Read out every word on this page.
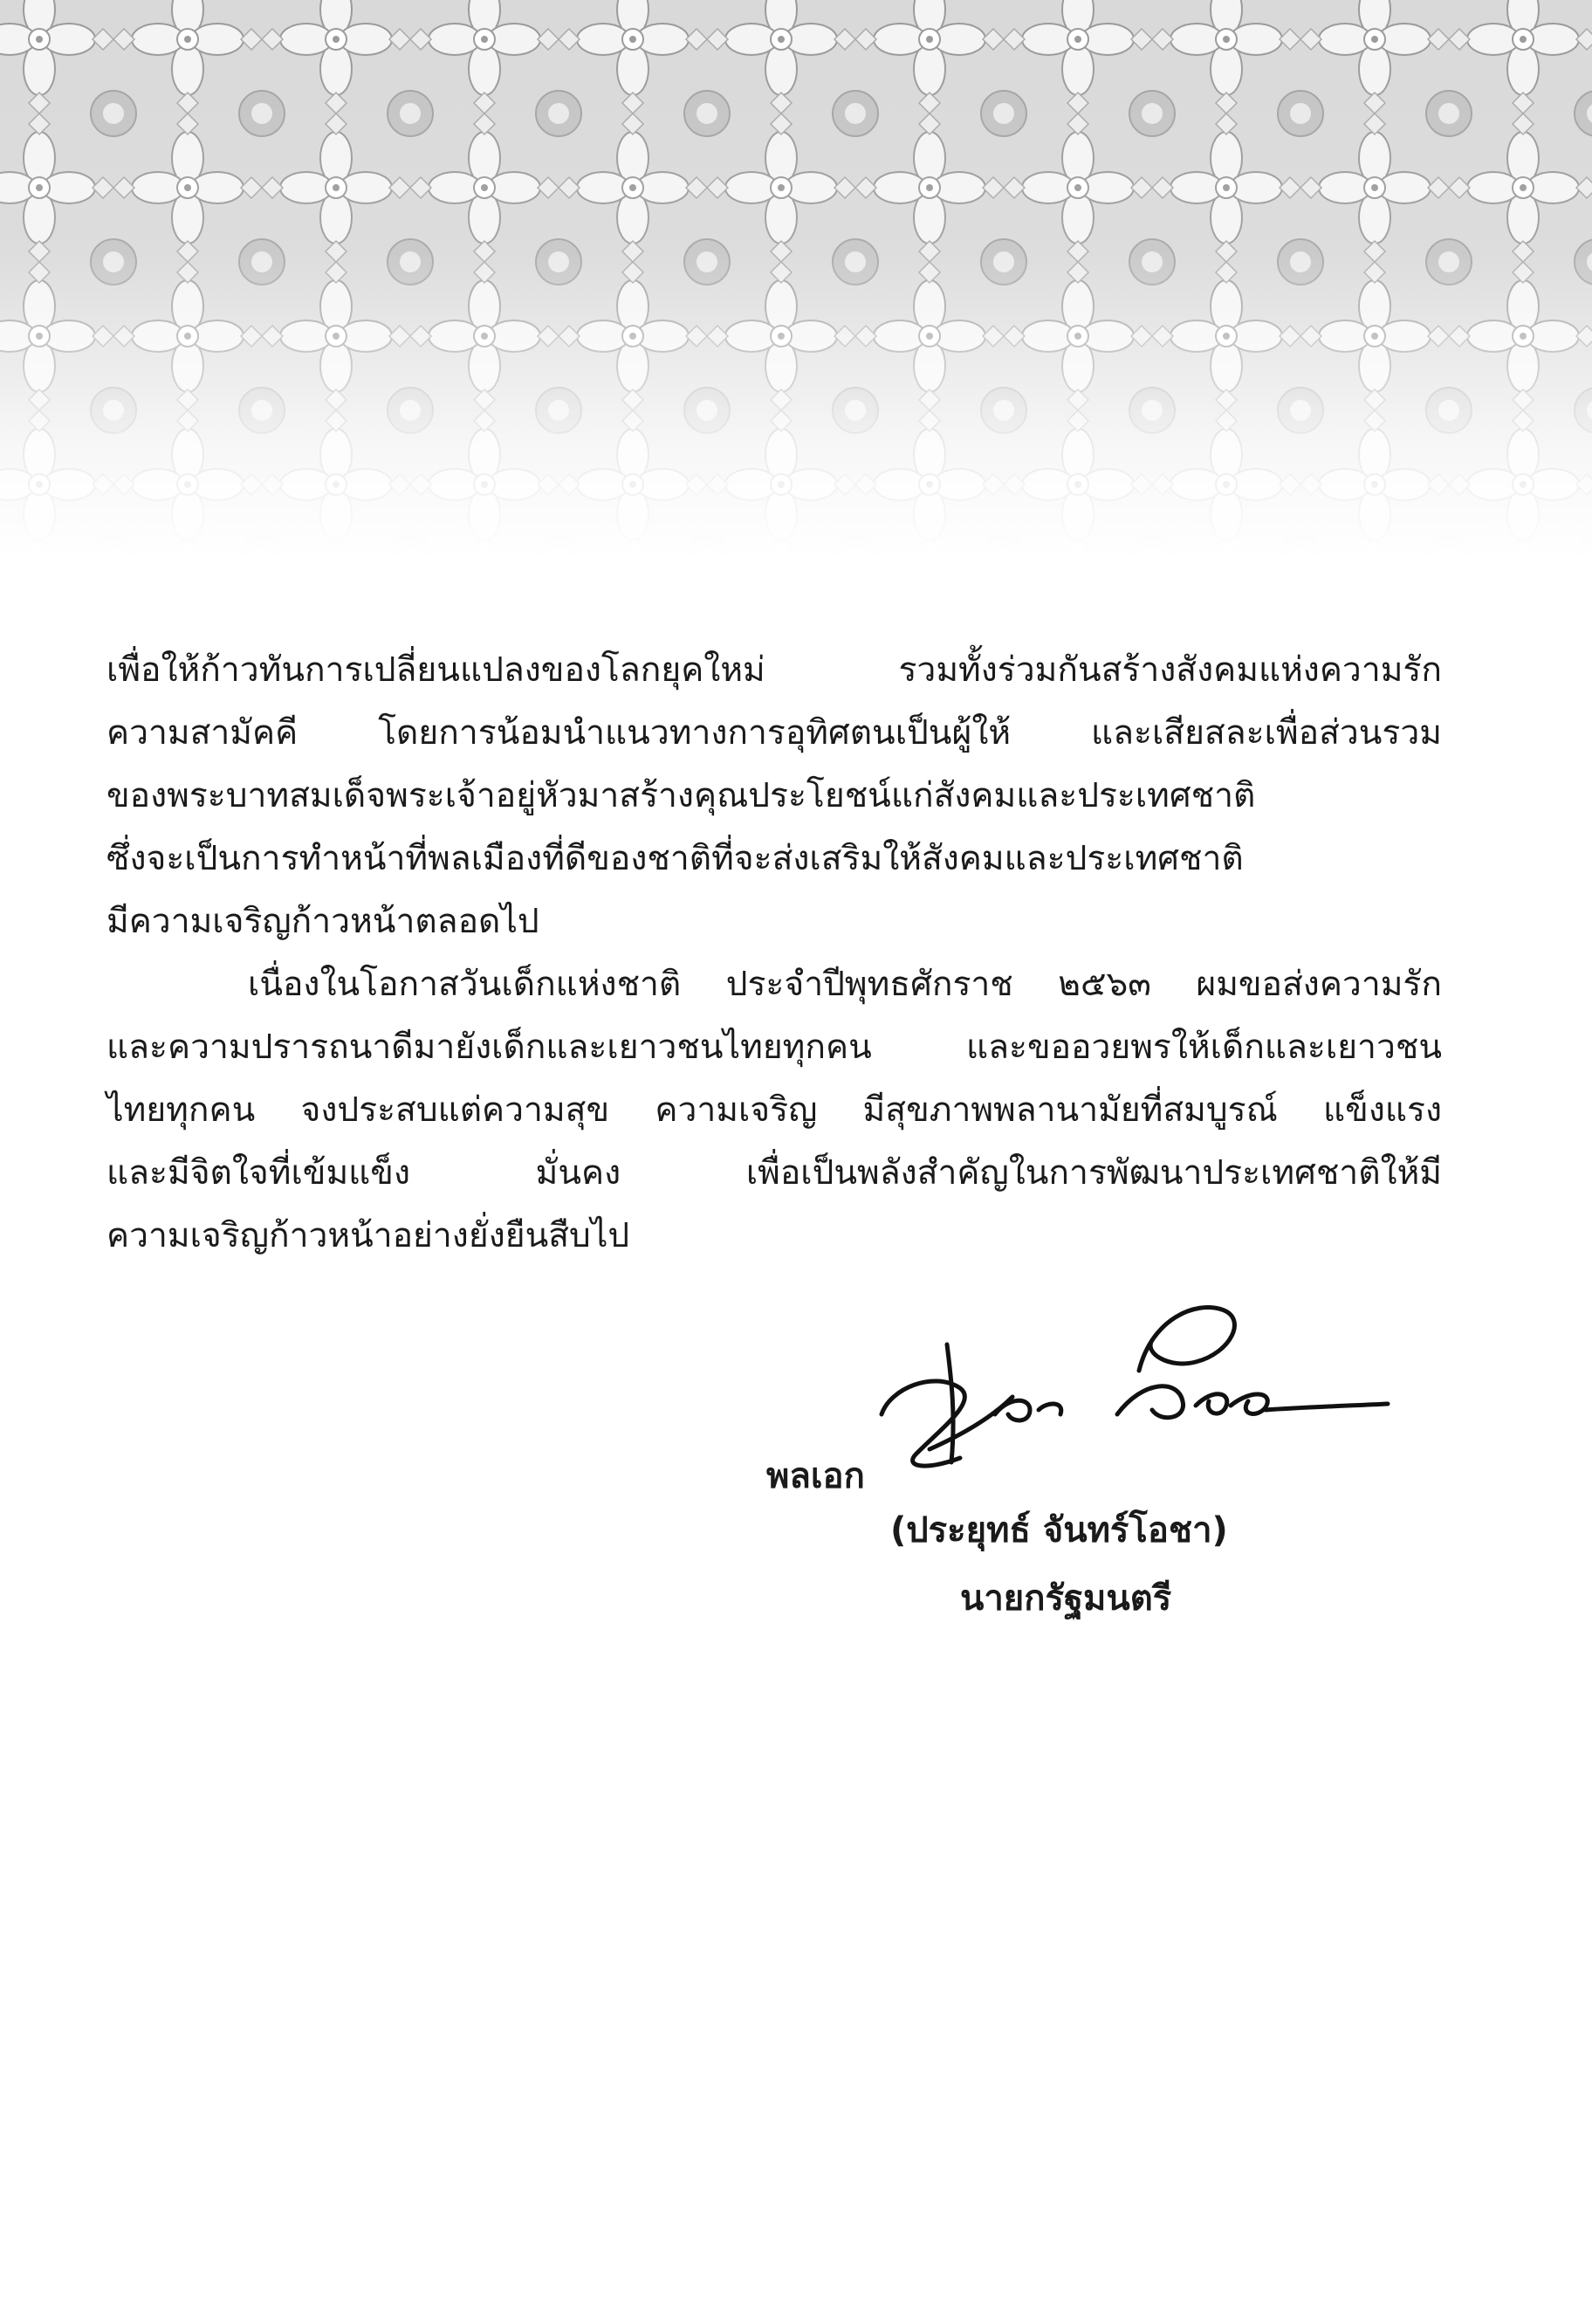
เพื่อให้ก้าวทันการเปลี่ยนแปลงของโลกยุคใหม่ รวมทั้งร่วมกันสร้างสังคมแห่งความรัก
ความสามัคคี โดยการน้อมนำแนวทางการอุทิศตนเป็นผู้ให้ และเสียสละเพื่อส่วนรวม
ของพระบาทสมเด็จพระเจ้าอยู่หัวมาสร้างคุณประโยชน์แก่สังคมและประเทศชาติ
ซึ่งจะเป็นการทำหน้าที่พลเมืองที่ดีของชาติที่จะส่งเสริมให้สังคมและประเทศชาติ
มีความเจริญก้าวหน้าตลอดไป
เนื่องในโอกาสวันเด็กแห่งชาติ ประจำปีพุทธศักราช ๒๕๖๓ ผมขอส่งความรัก
และความปรารถนาดีมายังเด็กและเยาวชนไทยทุกคน และขออวยพรให้เด็กและเยาวชน
ไทยทุกคน จงประสบแต่ความสุข ความเจริญ มีสุขภาพพลานามัยที่สมบูรณ์ แข็งแรง
และมีจิตใจที่เข้มแข็ง มั่นคง เพื่อเป็นพลังสำคัญในการพัฒนาประเทศชาติให้มี
ความเจริญก้าวหน้าอย่างยั่งยืนสืบไป
พลเอก
(ประยุทธ์ จันทร์โอชา)
นายกรัฐมนตรี
